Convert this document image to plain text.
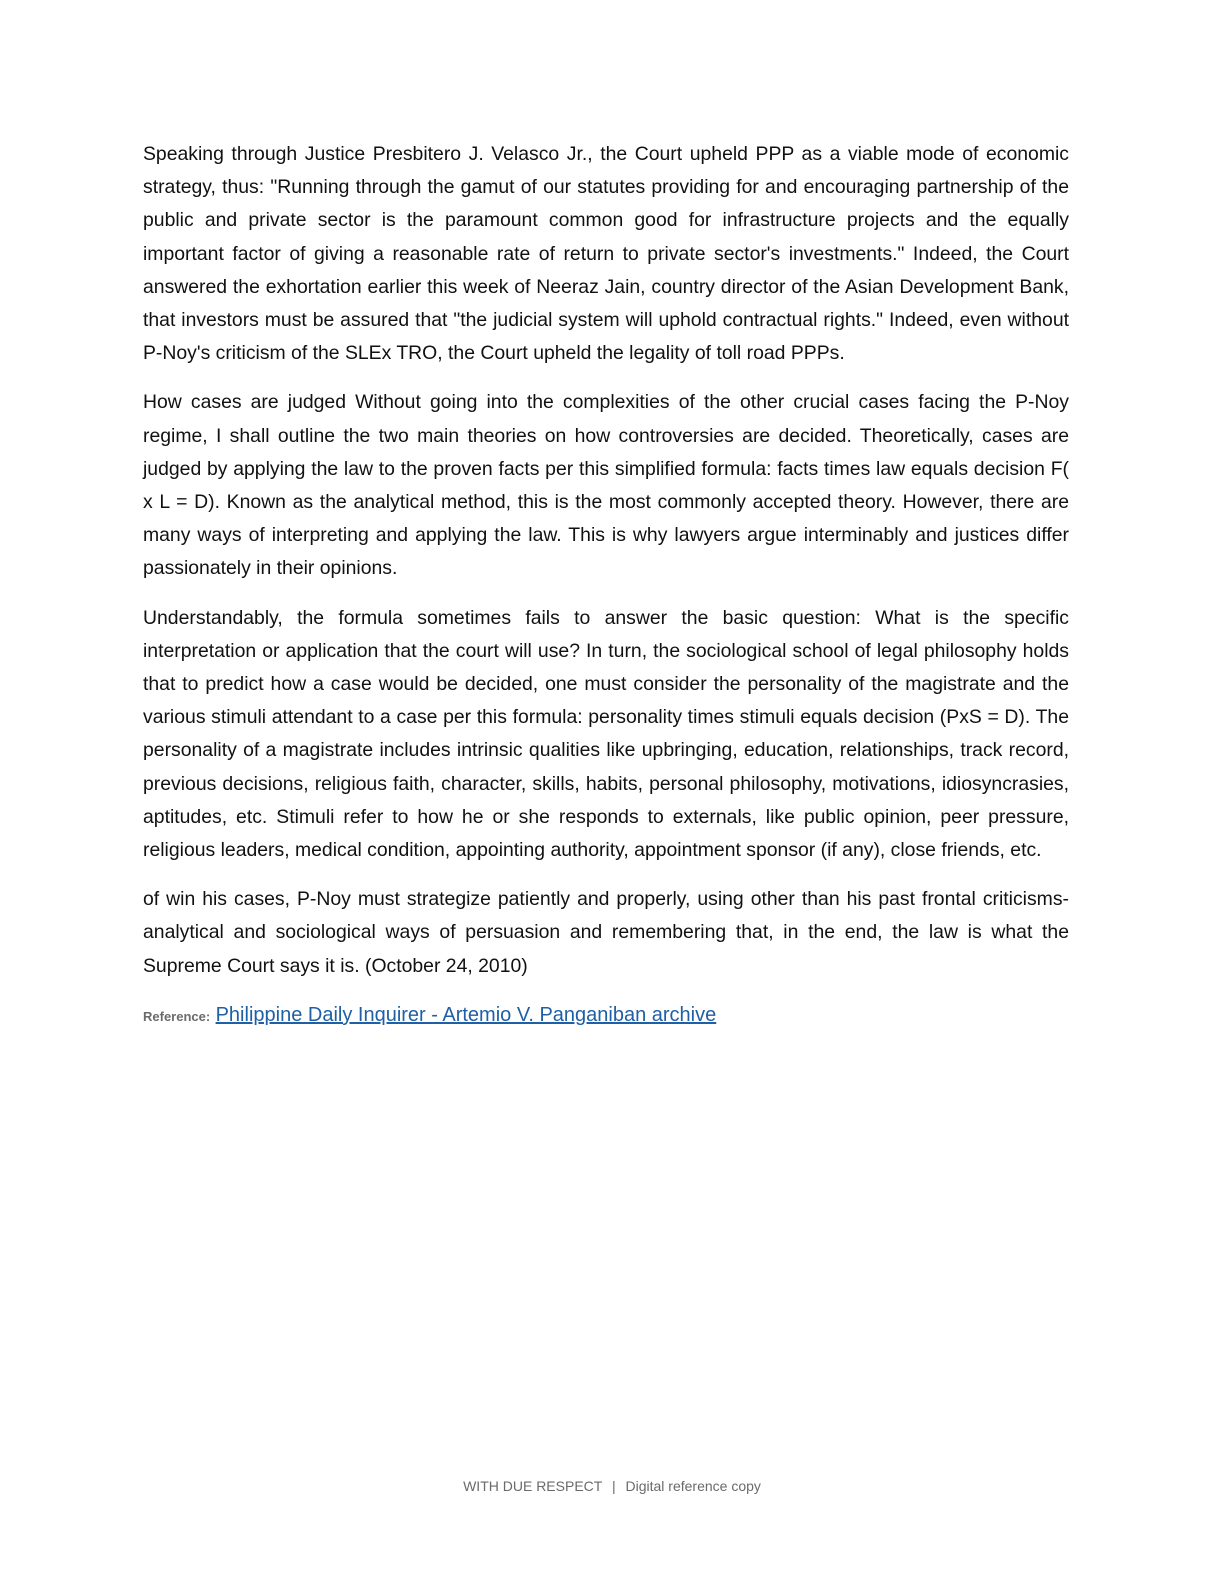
Speaking through Justice Presbitero J. Velasco Jr., the Court upheld PPP as a viable mode of economic strategy, thus: "Running through the gamut of our statutes providing for and encouraging partnership of the public and private sector is the paramount common good for infrastructure projects and the equally important factor of giving a reasonable rate of return to private sector's investments." Indeed, the Court answered the exhortation earlier this week of Neeraz Jain, country director of the Asian Development Bank, that investors must be assured that "the judicial system will uphold contractual rights." Indeed, even without P-Noy's criticism of the SLEx TRO, the Court upheld the legality of toll road PPPs.

How cases are judged Without going into the complexities of the other crucial cases facing the P-Noy regime, I shall outline the two main theories on how controversies are decided. Theoretically, cases are judged by applying the law to the proven facts per this simplified formula: facts times law equals decision F( x L = D). Known as the analytical method, this is the most commonly accepted theory. However, there are many ways of interpreting and applying the law. This is why lawyers argue interminably and justices differ passionately in their opinions.

Understandably, the formula sometimes fails to answer the basic question: What is the specific interpretation or application that the court will use? In turn, the sociological school of legal philosophy holds that to predict how a case would be decided, one must consider the personality of the magistrate and the various stimuli attendant to a case per this formula: personality times stimuli equals decision (PxS = D). The personality of a magistrate includes intrinsic qualities like upbringing, education, relationships, track record, previous decisions, religious faith, character, skills, habits, personal philosophy, motivations, idiosyncrasies, aptitudes, etc. Stimuli refer to how he or she responds to externals, like public opinion, peer pressure, religious leaders, medical condition, appointing authority, appointment sponsor (if any), close friends, etc.

of win his cases, P-Noy must strategize patiently and properly, using other than his past frontal criticisms-analytical and sociological ways of persuasion and remembering that, in the end, the law is what the Supreme Court says it is. (October 24, 2010)

Reference: Philippine Daily Inquirer - Artemio V. Panganiban archive
WITH DUE RESPECT | Digital reference copy
